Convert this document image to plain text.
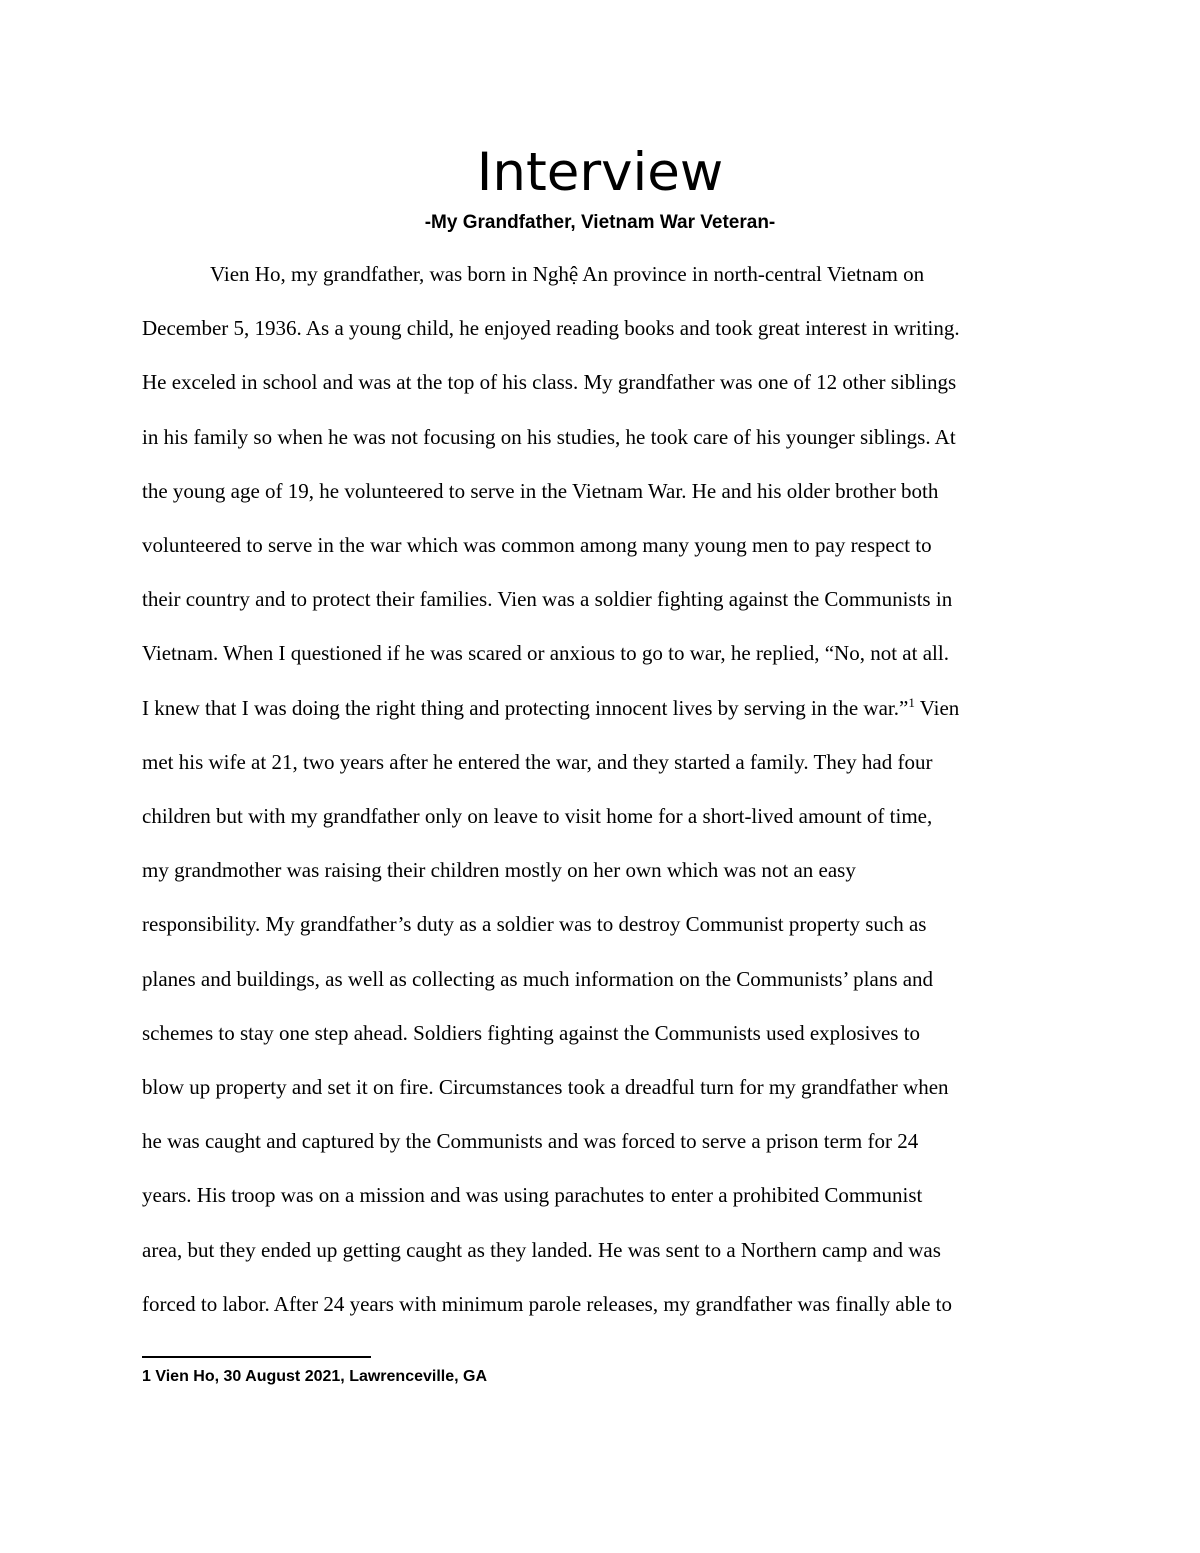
Interview

-My Grandfather, Vietnam War Veteran-

Vien Ho, my grandfather, was born in Nghệ An province in north-central Vietnam on
December 5, 1936. As a young child, he enjoyed reading books and took great interest in writing.
He exceled in school and was at the top of his class. My grandfather was one of 12 other siblings
in his family so when he was not focusing on his studies, he took care of his younger siblings. At
the young age of 19, he volunteered to serve in the Vietnam War. He and his older brother both
volunteered to serve in the war which was common among many young men to pay respect to
their country and to protect their families. Vien was a soldier fighting against the Communists in
Vietnam. When I questioned if he was scared or anxious to go to war, he replied, “No, not at all.
I knew that I was doing the right thing and protecting innocent lives by serving in the war.”$^1$ Vien
met his wife at 21, two years after he entered the war, and they started a family. They had four
children but with my grandfather only on leave to visit home for a short-lived amount of time,
my grandmother was raising their children mostly on her own which was not an easy
responsibility. My grandfather’s duty as a soldier was to destroy Communist property such as
planes and buildings, as well as collecting as much information on the Communists’ plans and
schemes to stay one step ahead. Soldiers fighting against the Communists used explosives to
blow up property and set it on fire. Circumstances took a dreadful turn for my grandfather when
he was caught and captured by the Communists and was forced to serve a prison term for 24
years. His troop was on a mission and was using parachutes to enter a prohibited Communist
area, but they ended up getting caught as they landed. He was sent to a Northern camp and was
forced to labor. After 24 years with minimum parole releases, my grandfather was finally able to

1 Vien Ho, 30 August 2021, Lawrenceville, GA
